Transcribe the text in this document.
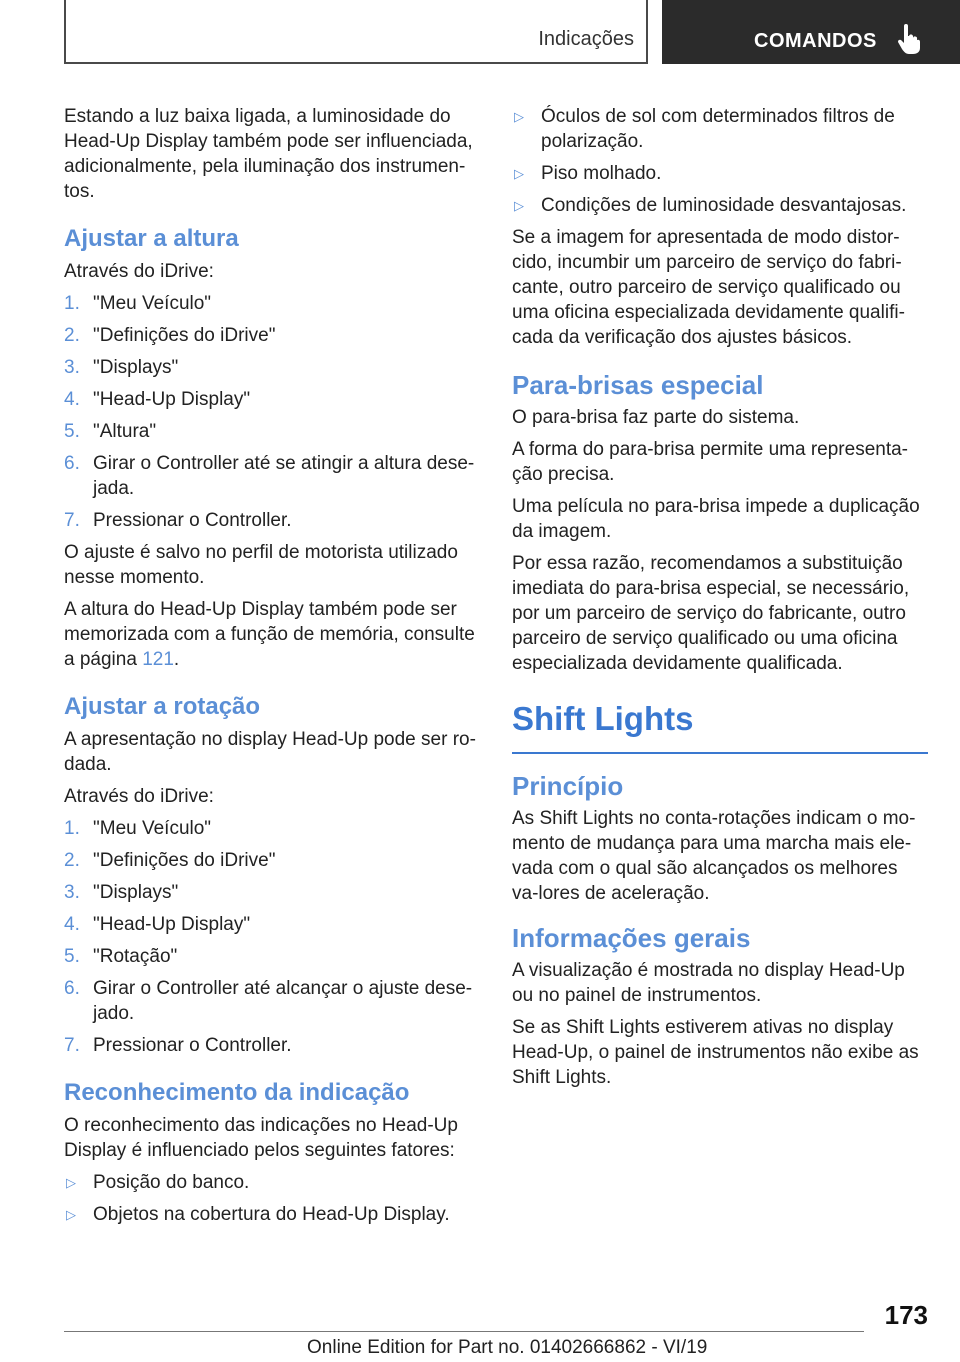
Indicações	COMANDOS

Estando a luz baixa ligada, a luminosidade do Head-Up Display também pode ser influenciada, adicionalmente, pela iluminação dos instrumen-tos.

Ajustar a altura

Através do iDrive:

1. "Meu Veículo"
2. "Definições do iDrive"
3. "Displays"
4. "Head-Up Display"
5. "Altura"
6. Girar o Controller até se atingir a altura dese-jada.
7. Pressionar o Controller.

O ajuste é salvo no perfil de motorista utilizado nesse momento.

A altura do Head-Up Display também pode ser memorizada com a função de memória, consulte a página 121.

Ajustar a rotação

A apresentação no display Head-Up pode ser ro-dada.

Através do iDrive:

1. "Meu Veículo"
2. "Definições do iDrive"
3. "Displays"
4. "Head-Up Display"
5. "Rotação"
6. Girar o Controller até alcançar o ajuste dese-jado.
7. Pressionar o Controller.
Reconhecimento da indicação

O reconhecimento das indicações no Head-Up Display é influenciado pelos seguintes fatores:

▷ Posição do banco.
▷ Objetos na cobertura do Head-Up Display.
▷ Óculos de sol com determinados filtros de polarização.
▷ Piso molhado.
▷ Condições de luminosidade desvantajosas.

Se a imagem for apresentada de modo distor-cido, incumbir um parceiro de serviço do fabri-cante, outro parceiro de serviço qualificado ou uma oficina especializada devidamente qualifi-cada da verificação dos ajustes básicos.

Para-brisas especial

O para-brisa faz parte do sistema.

A forma do para-brisa permite uma representa-ção precisa.

Uma película no para-brisa impede a duplicação da imagem.

Por essa razão, recomendamos a substituição imediata do para-brisa especial, se necessário, por um parceiro de serviço do fabricante, outro parceiro de serviço qualificado ou uma oficina especializada devidamente qualificada.

Shift Lights
Princípio

As Shift Lights no conta-rotações indicam o mo-mento de mudança para uma marcha mais ele-vada com o qual são alcançados os melhores va-lores de aceleração.

Informações gerais

A visualização é mostrada no display Head-Up ou no painel de instrumentos.

Se as Shift Lights estiverem ativas no display Head-Up, o painel de instrumentos não exibe as Shift Lights.

173
Online Edition for Part no. 01402666862 - VI/19
